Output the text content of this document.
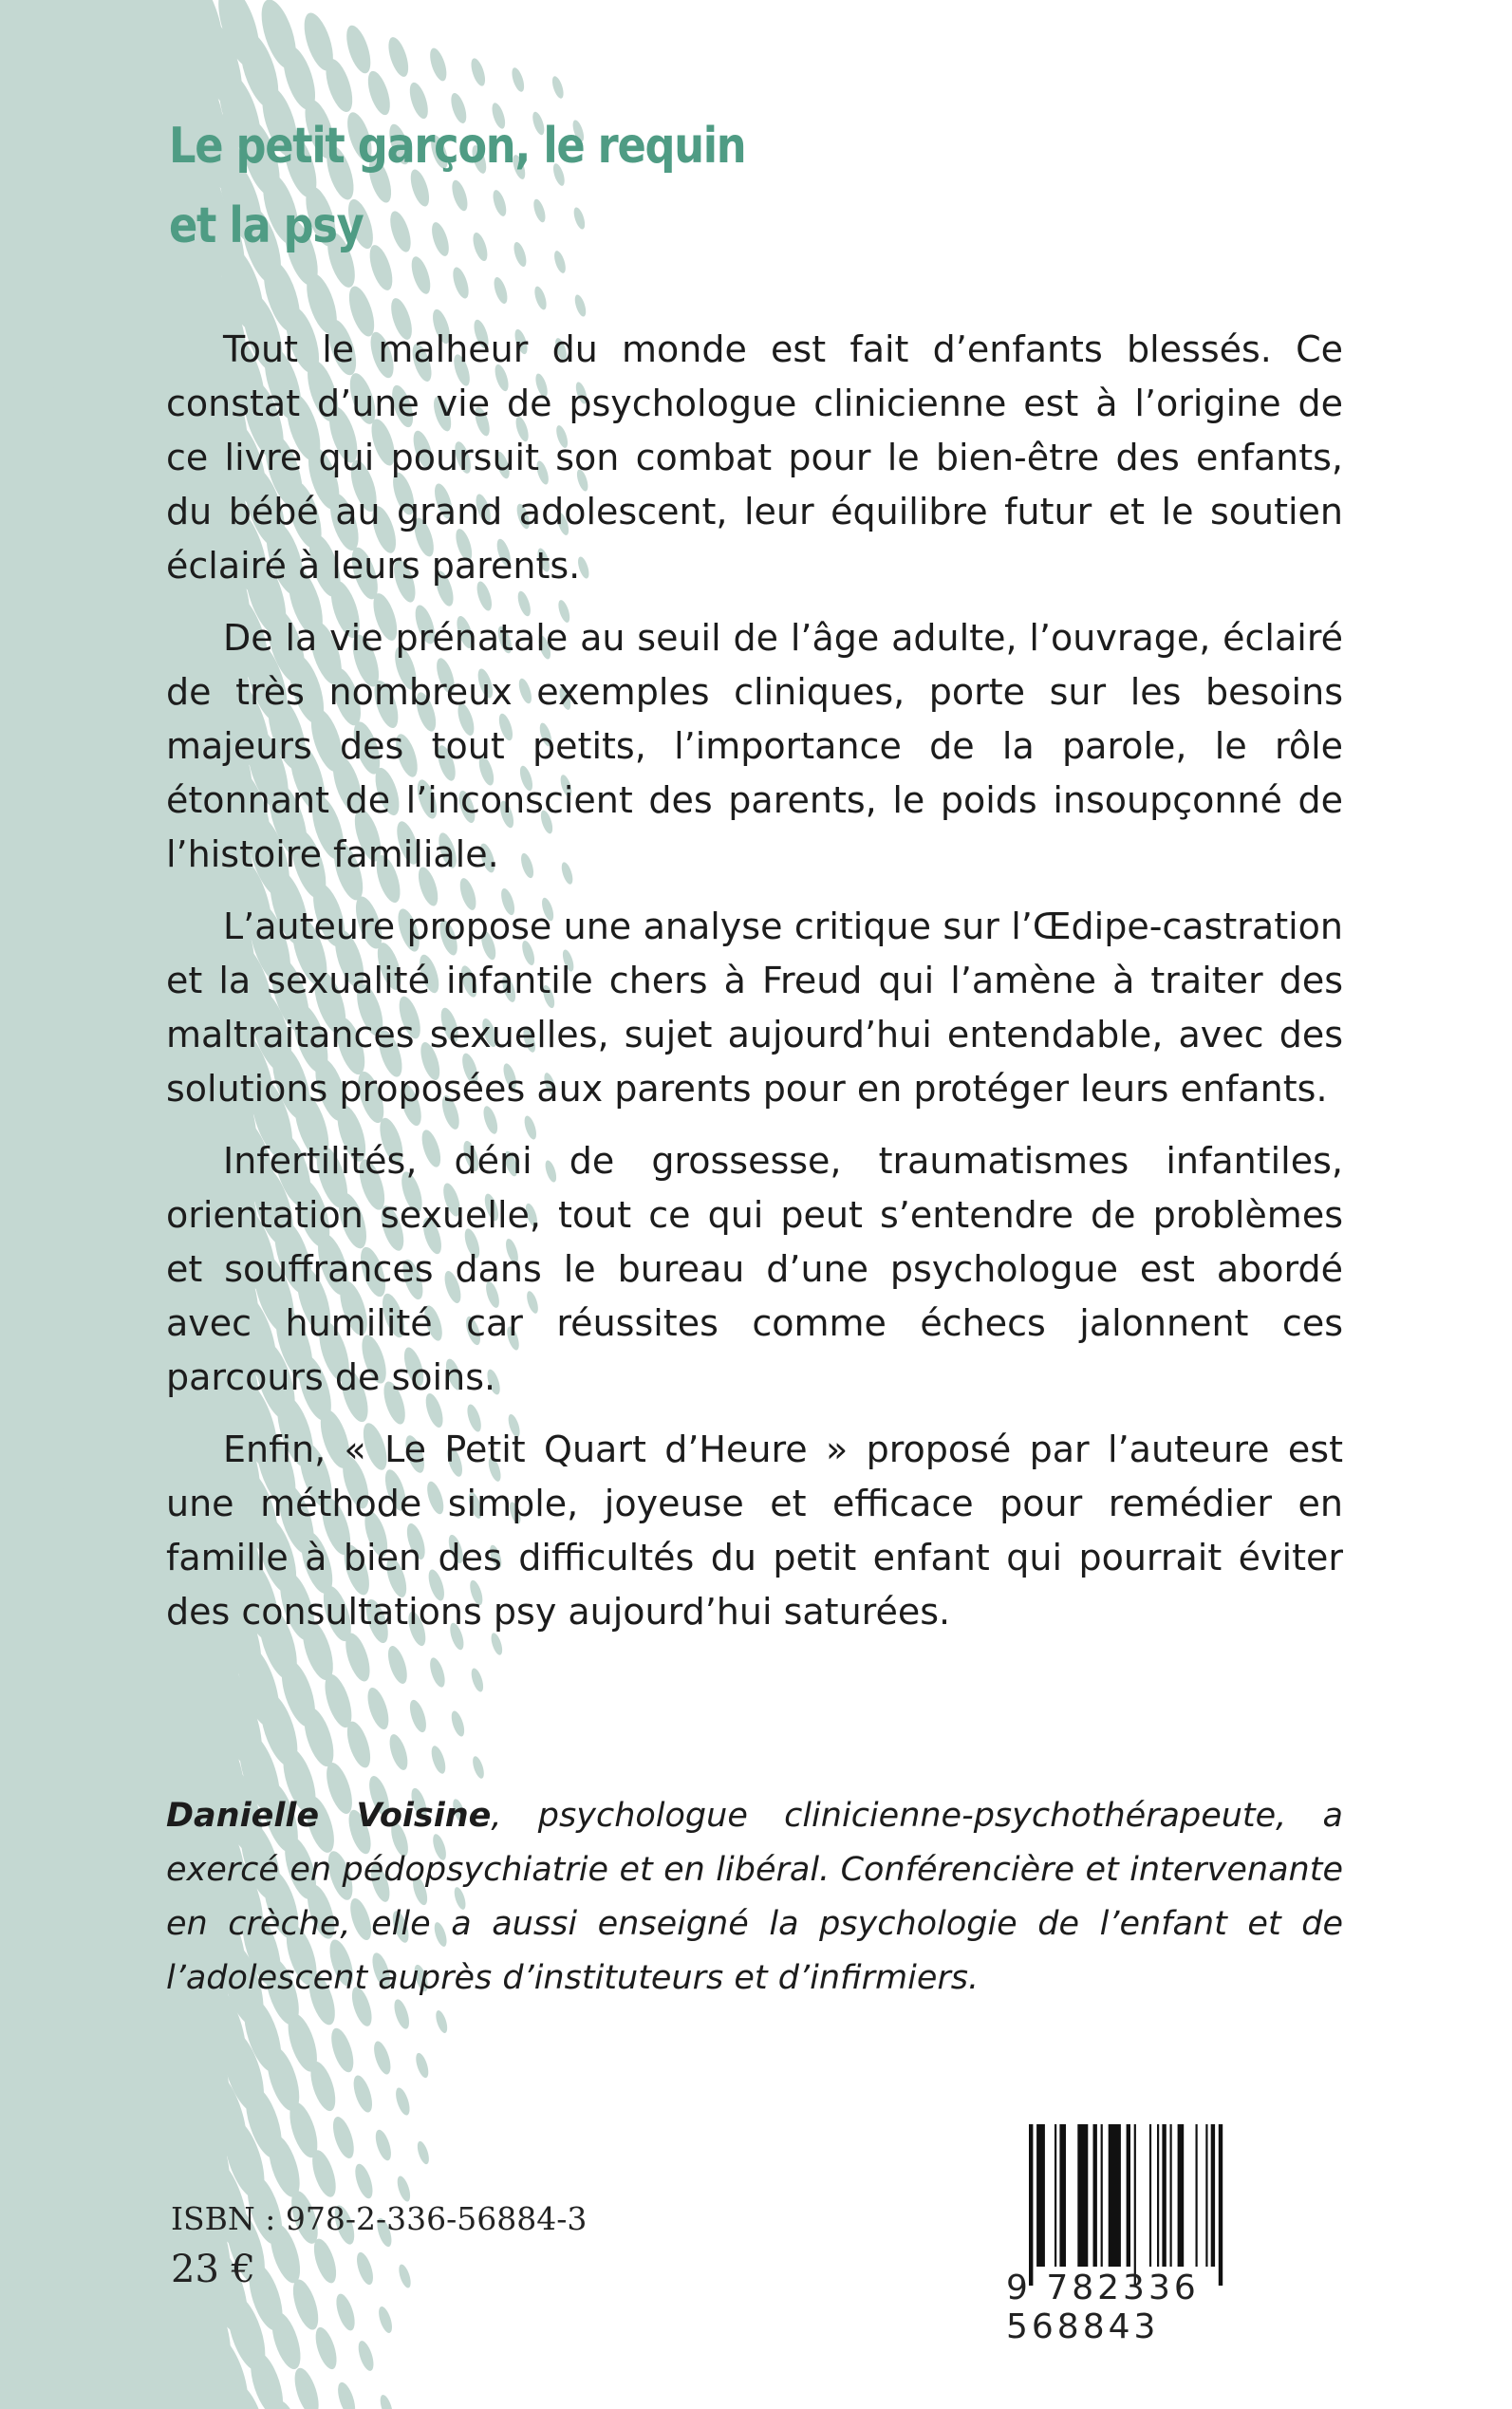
Le petit garçon, le requin
et la psy

Tout le malheur du monde est fait d’enfants blessés. Ce constat d’une vie de psychologue clinicienne est à l’origine de ce livre qui poursuit son combat pour le bien-être des enfants, du bébé au grand adolescent, leur équilibre futur et le soutien éclairé à leurs parents.

De la vie prénatale au seuil de l’âge adulte, l’ouvrage, éclairé de très nombreux exemples cliniques, porte sur les besoins majeurs des tout petits, l’importance de la parole, le rôle étonnant de l’inconscient des parents, le poids insoupçonné de l’histoire familiale.

L’auteure propose une analyse critique sur l’Œdipe-castration et la sexualité infantile chers à Freud qui l’amène à traiter des maltraitances sexuelles, sujet aujourd’hui entendable, avec des solutions proposées aux parents pour en protéger leurs enfants.

Infertilités, déni de grossesse, traumatismes infantiles, orientation sexuelle, tout ce qui peut s’entendre de problèmes et souffrances dans le bureau d’une psychologue est abordé avec humilité car réussites comme échecs jalonnent ces parcours de soins.

Enfin, « Le Petit Quart d’Heure » proposé par l’auteure est une méthode simple, joyeuse et efficace pour remédier en famille à bien des difficultés du petit enfant qui pourrait éviter des consultations psy aujourd’hui saturées.

Danielle Voisine, psychologue clinicienne-psychothérapeute, a exercé en pédopsychiatrie et en libéral. Conférencière et intervenante en crèche, elle a aussi enseigné la psychologie de l’enfant et de l’adolescent auprès d’instituteurs et d’infirmiers.
ISBN : 978-2-336-56884-3
23 €	9 782336 568843
